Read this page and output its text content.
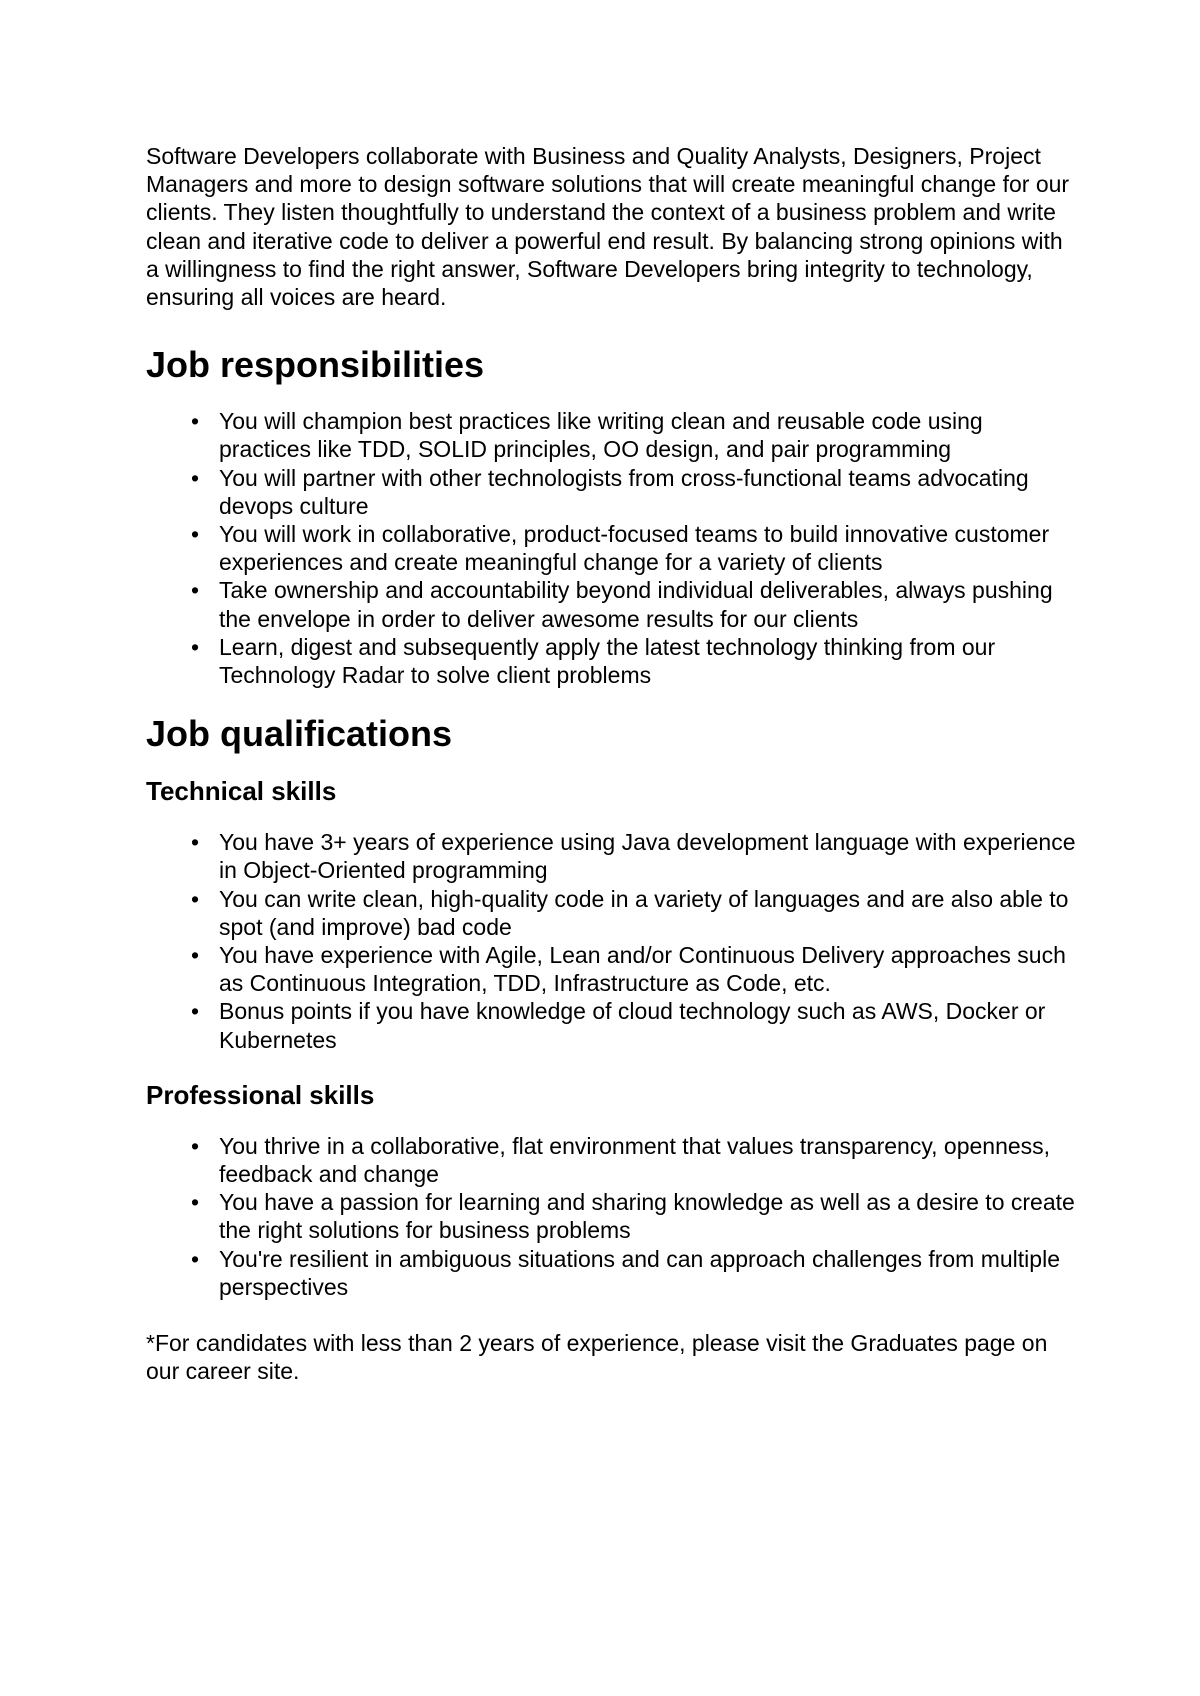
Software Developers collaborate with Business and Quality Analysts, Designers, Project Managers and more to design software solutions that will create meaningful change for our clients. They listen thoughtfully to understand the context of a business problem and write clean and iterative code to deliver a powerful end result. By balancing strong opinions with a willingness to find the right answer, Software Developers bring integrity to technology, ensuring all voices are heard.

Job responsibilities
• You will champion best practices like writing clean and reusable code using practices like TDD, SOLID principles, OO design, and pair programming
• You will partner with other technologists from cross-functional teams advocating devops culture
• You will work in collaborative, product-focused teams to build innovative customer experiences and create meaningful change for a variety of clients
• Take ownership and accountability beyond individual deliverables, always pushing the envelope in order to deliver awesome results for our clients
• Learn, digest and subsequently apply the latest technology thinking from our Technology Radar to solve client problems
Job qualifications
Technical skills
• You have 3+ years of experience using Java development language with experience in Object-Oriented programming
• You can write clean, high-quality code in a variety of languages and are also able to spot (and improve) bad code
• You have experience with Agile, Lean and/or Continuous Delivery approaches such as Continuous Integration, TDD, Infrastructure as Code, etc.
• Bonus points if you have knowledge of cloud technology such as AWS, Docker or Kubernetes
Professional skills
• You thrive in a collaborative, flat environment that values transparency, openness, feedback and change
• You have a passion for learning and sharing knowledge as well as a desire to create the right solutions for business problems
• You're resilient in ambiguous situations and can approach challenges from multiple perspectives

*For candidates with less than 2 years of experience, please visit the Graduates page on our career site.
